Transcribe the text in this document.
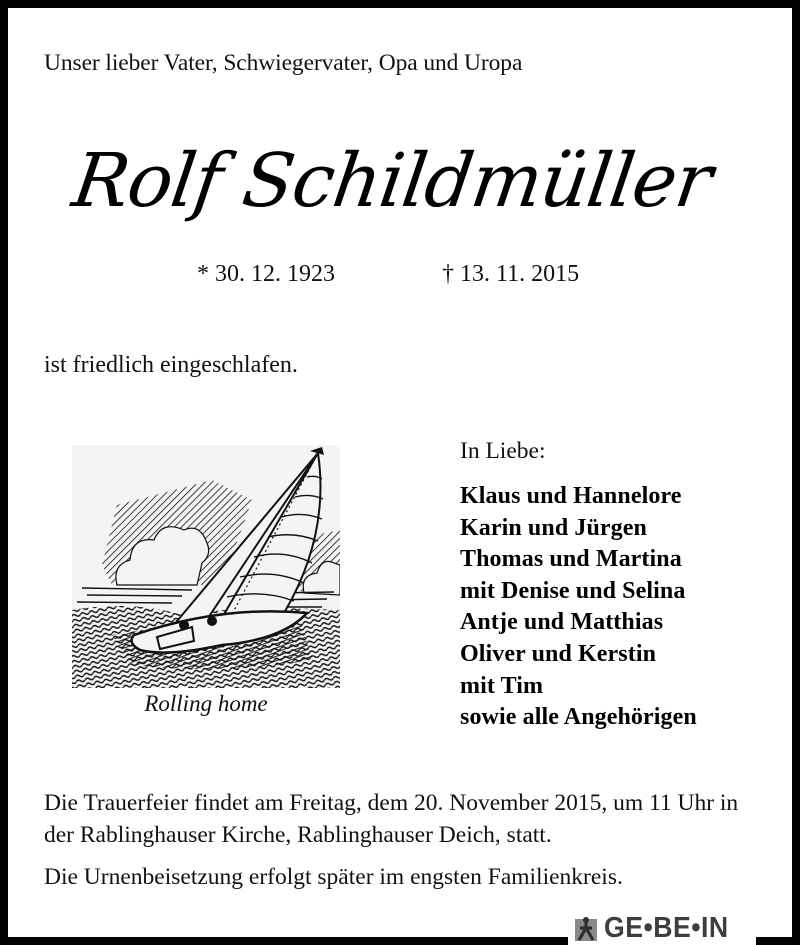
Unser lieber Vater, Schwiegervater, Opa und Uropa
Rolf Schildmüller
* 30. 12. 1923	† 13. 11. 2015
ist friedlich eingeschlafen.
Rolling home
In Liebe:
Klaus und Hannelore
Karin und Jürgen
Thomas und Martina
mit Denise und Selina
Antje und Matthias
Oliver und Kerstin
mit Tim
sowie alle Angehörigen
Die Trauerfeier findet am Freitag, dem 20. November 2015, um 11 Uhr in der Rablinghauser Kirche, Rablinghauser Deich, statt.
Die Urnenbeisetzung erfolgt später im engsten Familienkreis.
GE•BE•IN
